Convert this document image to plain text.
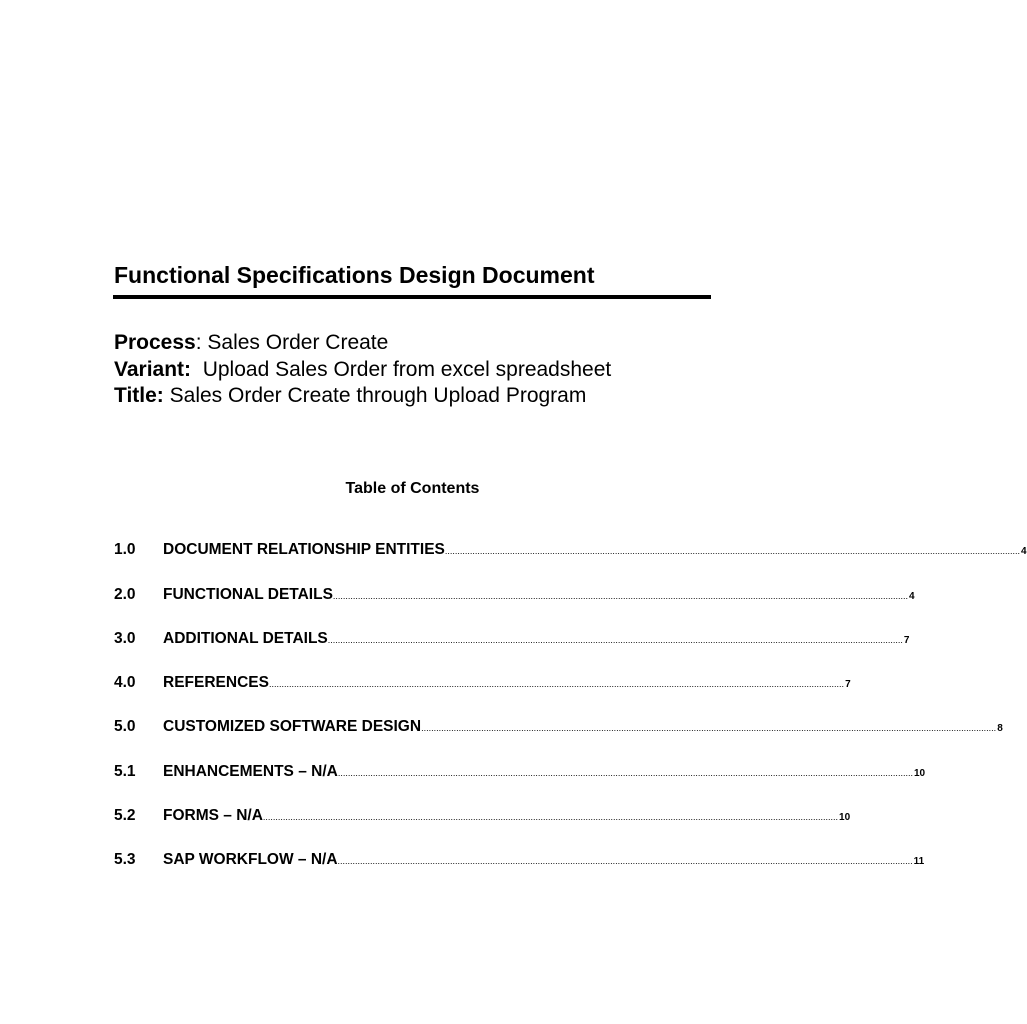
Functional Specifications Design Document
Process: Sales Order Create
Variant:  Upload Sales Order from excel spreadsheet
Title: Sales Order Create through Upload Program
Table of Contents
1.0	DOCUMENT RELATIONSHIP ENTITIES ...................................................................................................................................................................................................................................... 4
2.0	FUNCTIONAL DETAILS ...................................................................................................................................................................................................................................... 4
3.0	ADDITIONAL DETAILS ...................................................................................................................................................................................................................................... 7
4.0	REFERENCES ...................................................................................................................................................................................................................................... 7
5.0	CUSTOMIZED SOFTWARE DESIGN ...................................................................................................................................................................................................................................... 8
5.1	ENHANCEMENTS – N/A ...................................................................................................................................................................................................................................... 10
5.2	FORMS – N/A ...................................................................................................................................................................................................................................... 10
5.3	SAP WORKFLOW – N/A ...................................................................................................................................................................................................................................... 11
